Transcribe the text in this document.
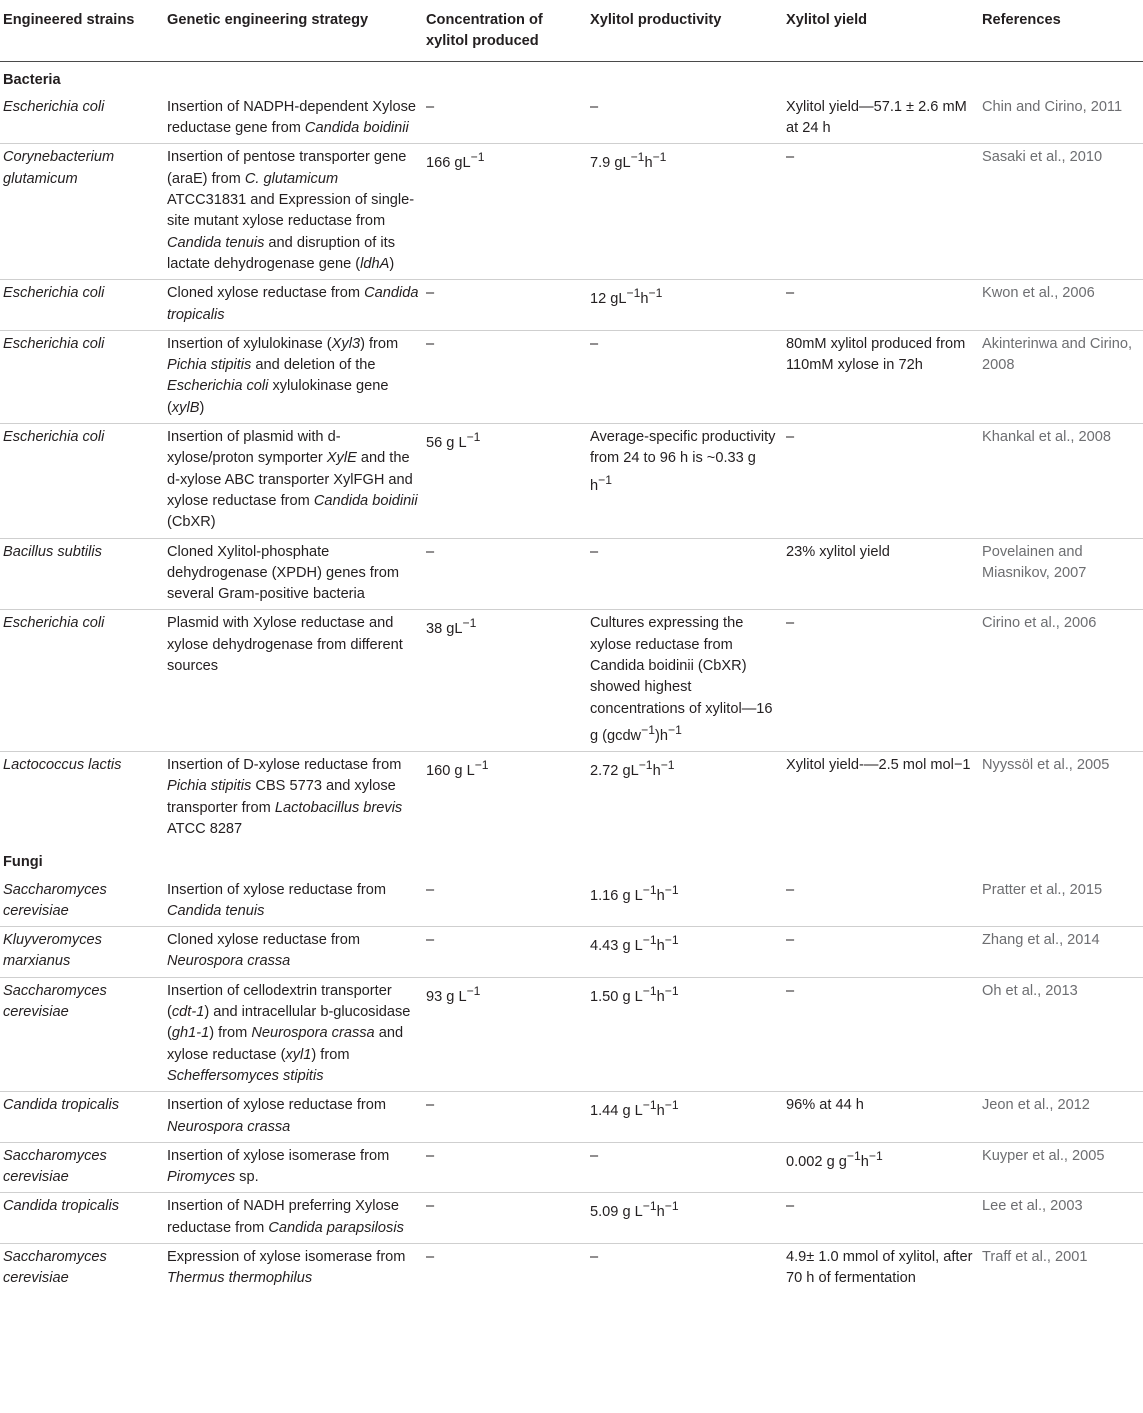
Engineered strains	Genetic engineering strategy	Concentration of xylitol produced	Xylitol productivity	Xylitol yield	References
Bacteria					
Escherichia coli	Insertion of NADPH-dependent Xylose reductase gene from Candida boidinii	–	–	Xylitol yield—57.1 ± 2.6 mM at 24 h	Chin and Cirino, 2011
Corynebacterium glutamicum	Insertion of pentose transporter gene (araE) from C. glutamicum ATCC31831 and Expression of single-site mutant xylose reductase from Candida tenuis and disruption of its lactate dehydrogenase gene (ldhA)	166 $gL^{-1}$	7.9 $gL^{-1}h^{-1}$	–	Sasaki et al., 2010
Escherichia coli	Cloned xylose reductase from Candida tropicalis	–	12 $gL^{-1}h^{-1}$	–	Kwon et al., 2006
Escherichia coli	Insertion of xylulokinase (Xyl3) from Pichia stipitis and deletion of the Escherichia coli xylulokinase gene (xylB)	–	–	80mM xylitol produced from 110mM xylose in 72h	Akinterinwa and Cirino, 2008
Escherichia coli	Insertion of plasmid with d-xylose/proton symporter XylE and the d-xylose ABC transporter XylFGH and xylose reductase from Candida boidinii (CbXR)	56 g $L^{-1}$	Average-specific productivity from 24 to 96 h is ~0.33 g $h^{-1}$	–	Khankal et al., 2008
Bacillus subtilis	Cloned Xylitol-phosphate dehydrogenase (XPDH) genes from several Gram-positive bacteria	–	–	23% xylitol yield	Povelainen and Miasnikov, 2007
Escherichia coli	Plasmid with Xylose reductase and xylose dehydrogenase from different sources	38 $gL^{-1}$	Cultures expressing the xylose reductase from Candida boidinii (CbXR) showed highest concentrations of xylitol—16 g $(\gcd w^{-1})h^{-1}$	–	Cirino et al., 2006
Lactococcus lactis	Insertion of D-xylose reductase from Pichia stipitis CBS 5773 and xylose transporter from Lactobacillus brevis ATCC 8287	160 g $L^{-1}$	2.72 $gL^{-1}h^{-1}$	Xylitol yield-—2.5 mol mol−1	Nyyssöl et al., 2005
Fungi					
Saccharomyces cerevisiae	Insertion of xylose reductase from Candida tenuis	–	1.16 g $L^{-1}h^{-1}$	–	Pratter et al., 2015
Kluyveromyces marxianus	Cloned xylose reductase from Neurospora crassa	–	4.43 g $L^{-1}h^{-1}$	–	Zhang et al., 2014
Saccharomyces cerevisiae	Insertion of cellodextrin transporter (cdt-1) and intracellular b-glucosidase (gh1-1) from Neurospora crassa and xylose reductase (xyl1) from Scheffersomyces stipitis	93 g $L^{-1}$	1.50 g $L^{-1}h^{-1}$	–	Oh et al., 2013
Candida tropicalis	Insertion of xylose reductase from Neurospora crassa	–	1.44 g $L^{-1}h^{-1}$	96% at 44 h	Jeon et al., 2012
Saccharomyces cerevisiae	Insertion of xylose isomerase from Piromyces sp.	–	–	0.002 g $g^{-1}h^{-1}$	Kuyper et al., 2005
Candida tropicalis	Insertion of NADH preferring Xylose reductase from Candida parapsilosis	–	5.09 g $L^{-1}h^{-1}$	–	Lee et al., 2003
Saccharomyces cerevisiae	Expression of xylose isomerase from Thermus thermophilus	–	–	4.9± 1.0 mmol of xylitol, after 70 h of fermentation	Traff et al., 2001
